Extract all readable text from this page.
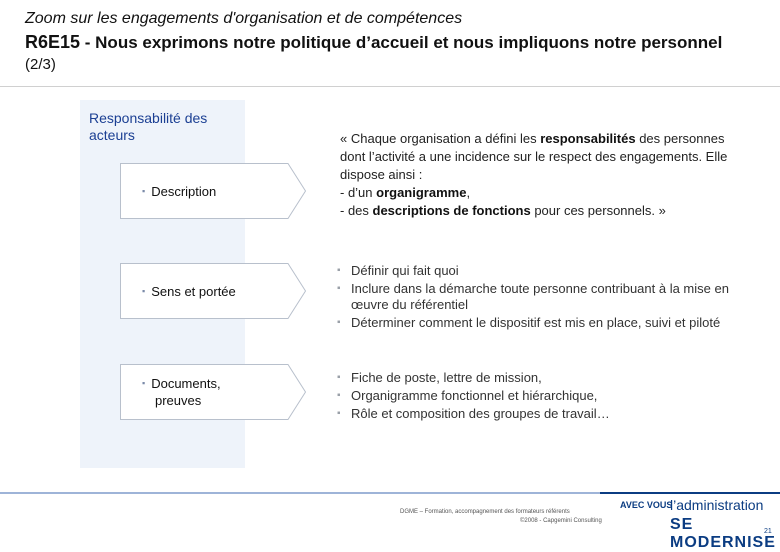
Zoom sur les engagements d'organisation et de compétences
R6E15 - Nous exprimons notre politique d’accueil et nous impliquons notre personnel
(2/3)
Responsabilité des acteurs
▪ Description
▪ Sens et portée
▪ Documents,
preuves
« Chaque organisation a défini les responsabilités des personnes dont l’activité a une incidence sur le respect des engagements. Elle dispose ainsi :
- d’un organigramme,
- des descriptions de fonctions pour ces personnels. »
▪ Définir qui fait quoi
▪ Inclure dans la démarche toute personne contribuant à la mise en œuvre du référentiel
▪ Déterminer comment le dispositif est mis en place, suivi et piloté
▪ Fiche de poste, lettre de mission,
▪ Organigramme fonctionnel et hiérarchique,
▪ Rôle et composition des groupes de travail…
DGME – Formation, accompagnement des formateurs référents
©2008 - Capgemini Consulting
AVEC VOUS
l’administration
SE MODERNISE
21
